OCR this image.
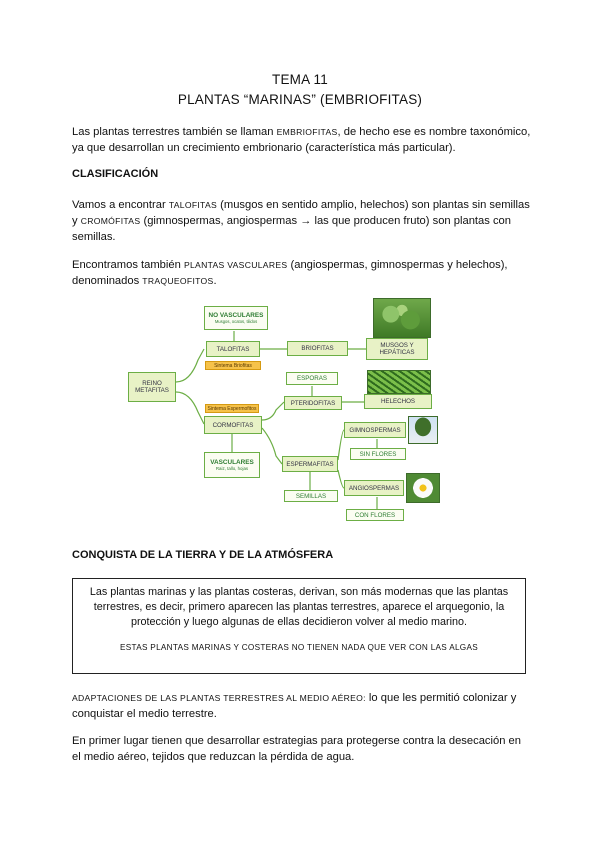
TEMA 11
PLANTAS “MARINAS” (EMBRIOFITAS)
Las plantas terrestres también se llaman EMBRIOFITAS, de hecho ese es nombre taxonómico,
ya que desarrollan un crecimiento embrionario (característica más particular).
CLASIFICACIÓN
Vamos a encontrar TALOFITAS (musgos en sentido amplio, helechos) son plantas sin semillas
y CROMÓFITAS (gimnospermas, angiospermas → las que producen fruto) son plantas con
semillas.
Encontramos también PLANTAS VASCULARES (angiospermas, gimnospermas y helechos),
denominados TRAQUEOFITOS.
REINO METAFITAS
NO VASCULARES
Musgos, ocatos, tilidos
TALOFITAS
Sintema Briofitas
BRIOFITAS	MUSGOS Y HEPÁTICAS
Sintema Espermofitos
CORMOFITAS
VASCULARES
Raiz, tallo, hojas
ESPORAS
PTERIDOFITAS	HELECHOS
ESPERMAFITAS
SEMILLAS
GIMNOSPERMAS
SIN FLORES
ANGIOSPERMAS
CON FLORES
CONQUISTA DE LA TIERRA Y DE LA ATMÓSFERA
Las plantas marinas y las plantas costeras, derivan, son más modernas que las plantas
terrestres, es decir, primero aparecen las plantas terrestres, aparece el arquegonio, la
protección y luego algunas de ellas decidieron volver al medio marino.
ESTAS PLANTAS MARINAS Y COSTERAS NO TIENEN NADA QUE VER CON LAS ALGAS
ADAPTACIONES DE LAS PLANTAS TERRESTRES AL MEDIO AÉREO: lo que les permitió colonizar y
conquistar el medio terrestre.
En primer lugar tienen que desarrollar estrategias para protegerse contra la desecación en
el medio aéreo, tejidos que reduzcan la pérdida de agua.
